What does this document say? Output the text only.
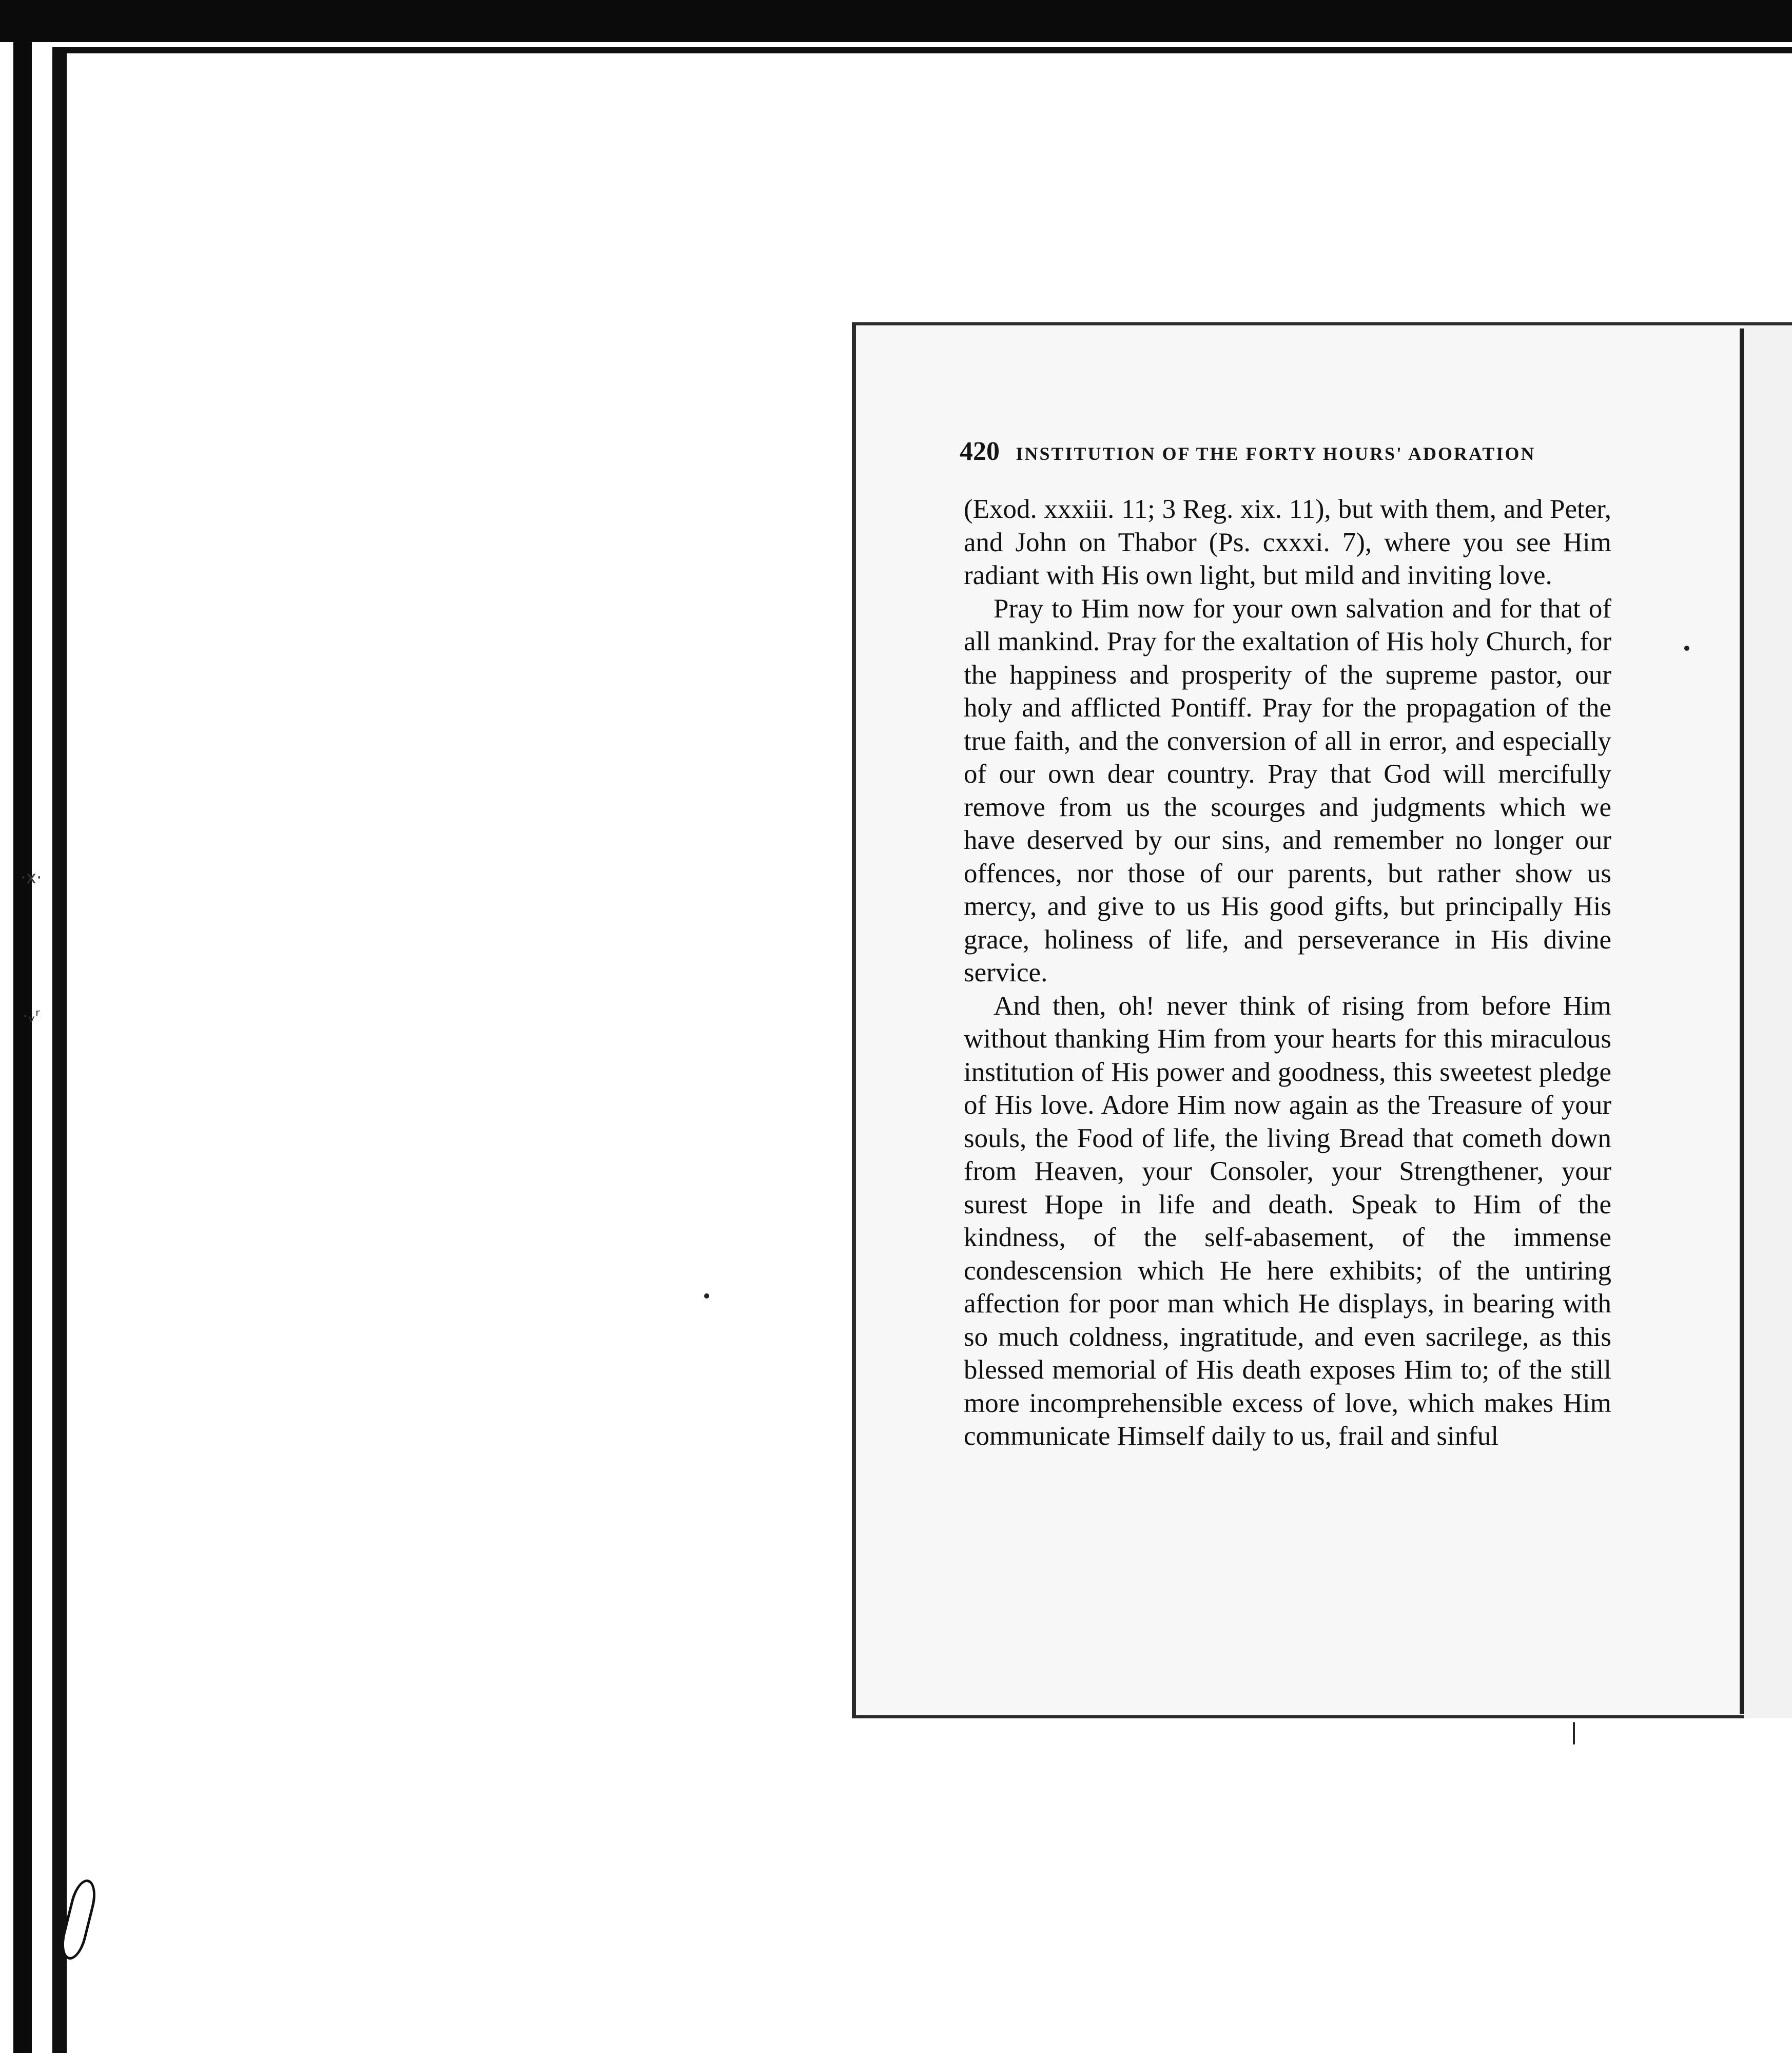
·x·
·ᵥʳ
420 INSTITUTION OF THE FORTY HOURS' ADORATION

(Exod. xxxiii. 11; 3 Reg. xix. 11), but with them, and Peter, and John on Thabor (Ps. cxxxi. 7), where you see Him radiant with His own light, but mild and inviting love.

Pray to Him now for your own salvation and for that of all mankind. Pray for the exaltation of His holy Church, for the happiness and prosperity of the supreme pastor, our holy and afflicted Pontiff. Pray for the propagation of the true faith, and the conversion of all in error, and especially of our own dear country. Pray that God will mercifully remove from us the scourges and judgments which we have deserved by our sins, and remember no longer our offences, nor those of our parents, but rather show us mercy, and give to us His good gifts, but principally His grace, holiness of life, and perseverance in His divine service.

And then, oh! never think of rising from before Him without thanking Him from your hearts for this miraculous institution of His power and goodness, this sweetest pledge of His love. Adore Him now again as the Treasure of your souls, the Food of life, the living Bread that cometh down from Heaven, your Consoler, your Strengthener, your surest Hope in life and death. Speak to Him of the kindness, of the self-abasement, of the immense condescension which He here exhibits; of the untiring affection for poor man which He displays, in bearing with so much coldness, ingratitude, and even sacrilege, as this blessed memorial of His death exposes Him to; of the still more incomprehensible excess of love, which makes Him communicate Himself daily to us, frail and sinful
